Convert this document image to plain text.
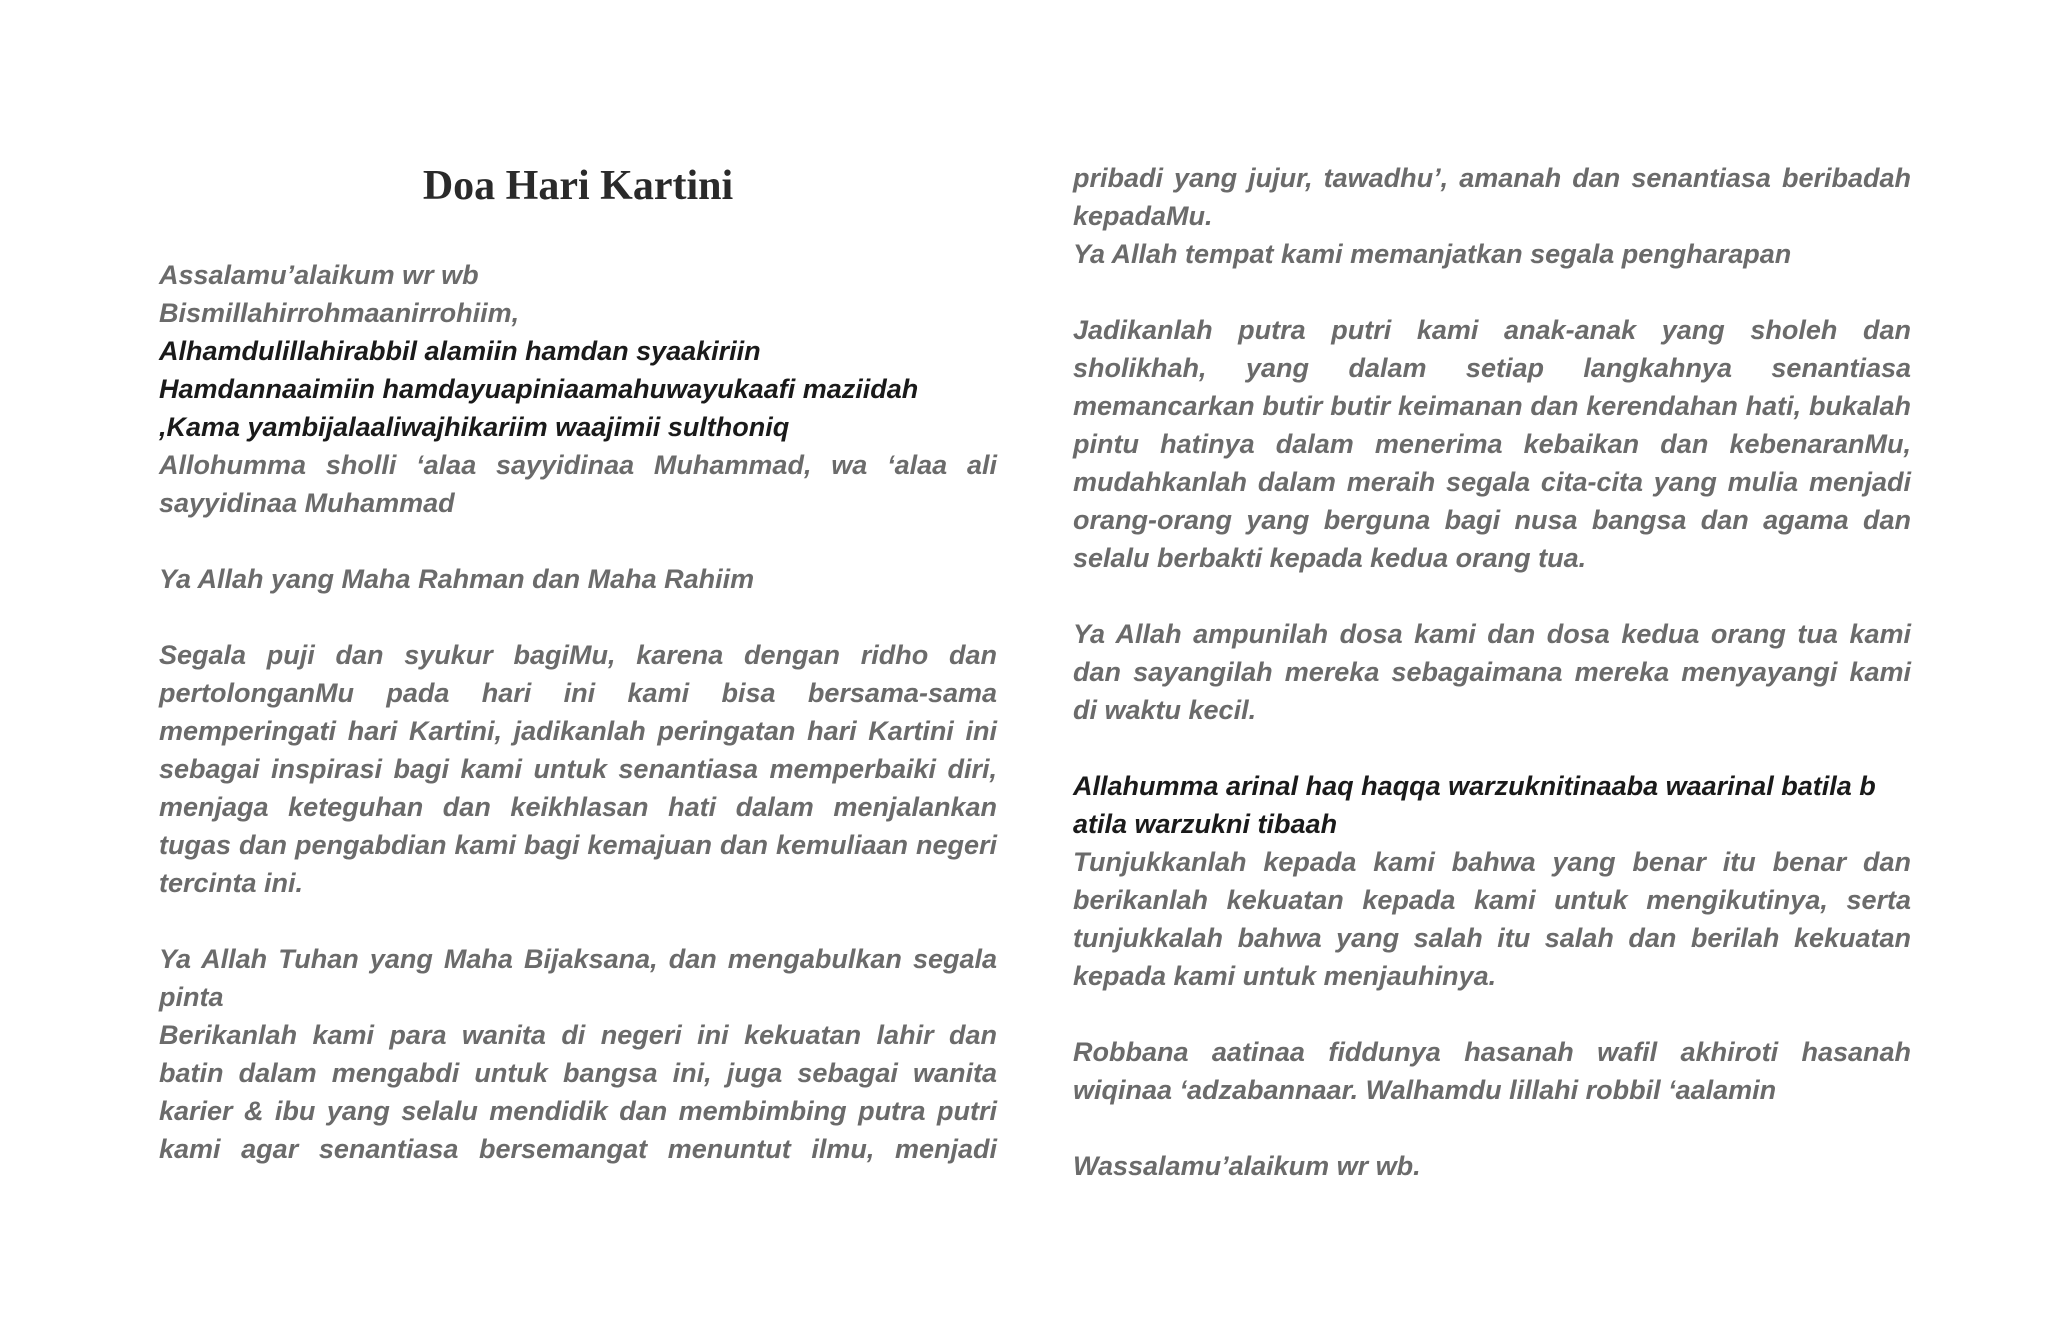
Doa Hari Kartini
Assalamu’alaikum wr wb
Bismillahirrohmaanirrohiim,
Alhamdulillahirabbil alamiin hamdan syaakiriin
Hamdannaaimiin hamdayuapiniaamahuwayukaafi maziidah
,Kama yambijalaaliwajhikariim waajimii sulthoniq
Allohumma sholli ‘alaa sayyidinaa Muhammad, wa ‘alaa ali sayyidinaa Muhammad
Ya Allah yang Maha Rahman dan Maha Rahiim
Segala puji dan syukur bagiMu, karena dengan ridho dan pertolonganMu pada hari ini kami bisa bersama-sama memperingati hari Kartini, jadikanlah peringatan hari Kartini ini sebagai inspirasi bagi kami untuk senantiasa memperbaiki diri, menjaga keteguhan dan keikhlasan hati dalam menjalankan tugas dan pengabdian kami bagi kemajuan dan kemuliaan negeri tercinta ini.
Ya Allah Tuhan yang Maha Bijaksana, dan mengabulkan segala pinta
Berikanlah kami para wanita di negeri ini kekuatan lahir dan batin dalam mengabdi untuk bangsa ini, juga sebagai wanita karier & ibu yang selalu mendidik dan membimbing putra putri kami agar senantiasa bersemangat menuntut ilmu, menjadi
pribadi yang jujur, tawadhu’, amanah dan senantiasa beribadah kepadaMu.
Ya Allah tempat kami memanjatkan segala pengharapan
Jadikanlah putra putri kami anak-anak yang sholeh dan sholikhah, yang dalam setiap langkahnya senantiasa memancarkan butir butir keimanan dan kerendahan hati, bukalah pintu hatinya dalam menerima kebaikan dan kebenaranMu, mudahkanlah dalam meraih segala cita-cita yang mulia menjadi orang-orang yang berguna bagi nusa bangsa dan agama dan selalu berbakti kepada kedua orang tua.
Ya Allah ampunilah dosa kami dan dosa kedua orang tua kami dan sayangilah mereka sebagaimana mereka menyayangi kami di waktu kecil.
Allahumma arinal haq haqqa warzuknitinaaba waarinal batila b atila warzukni tibaah
Tunjukkanlah kepada kami bahwa yang benar itu benar dan berikanlah kekuatan kepada kami untuk mengikutinya, serta tunjukkalah bahwa yang salah itu salah dan berilah kekuatan kepada kami untuk menjauhinya.
Robbana aatinaa fiddunya hasanah wafil akhiroti hasanah wiqinaa ‘adzabannaar. Walhamdu lillahi robbil ‘aalamin
Wassalamu’alaikum wr wb.
